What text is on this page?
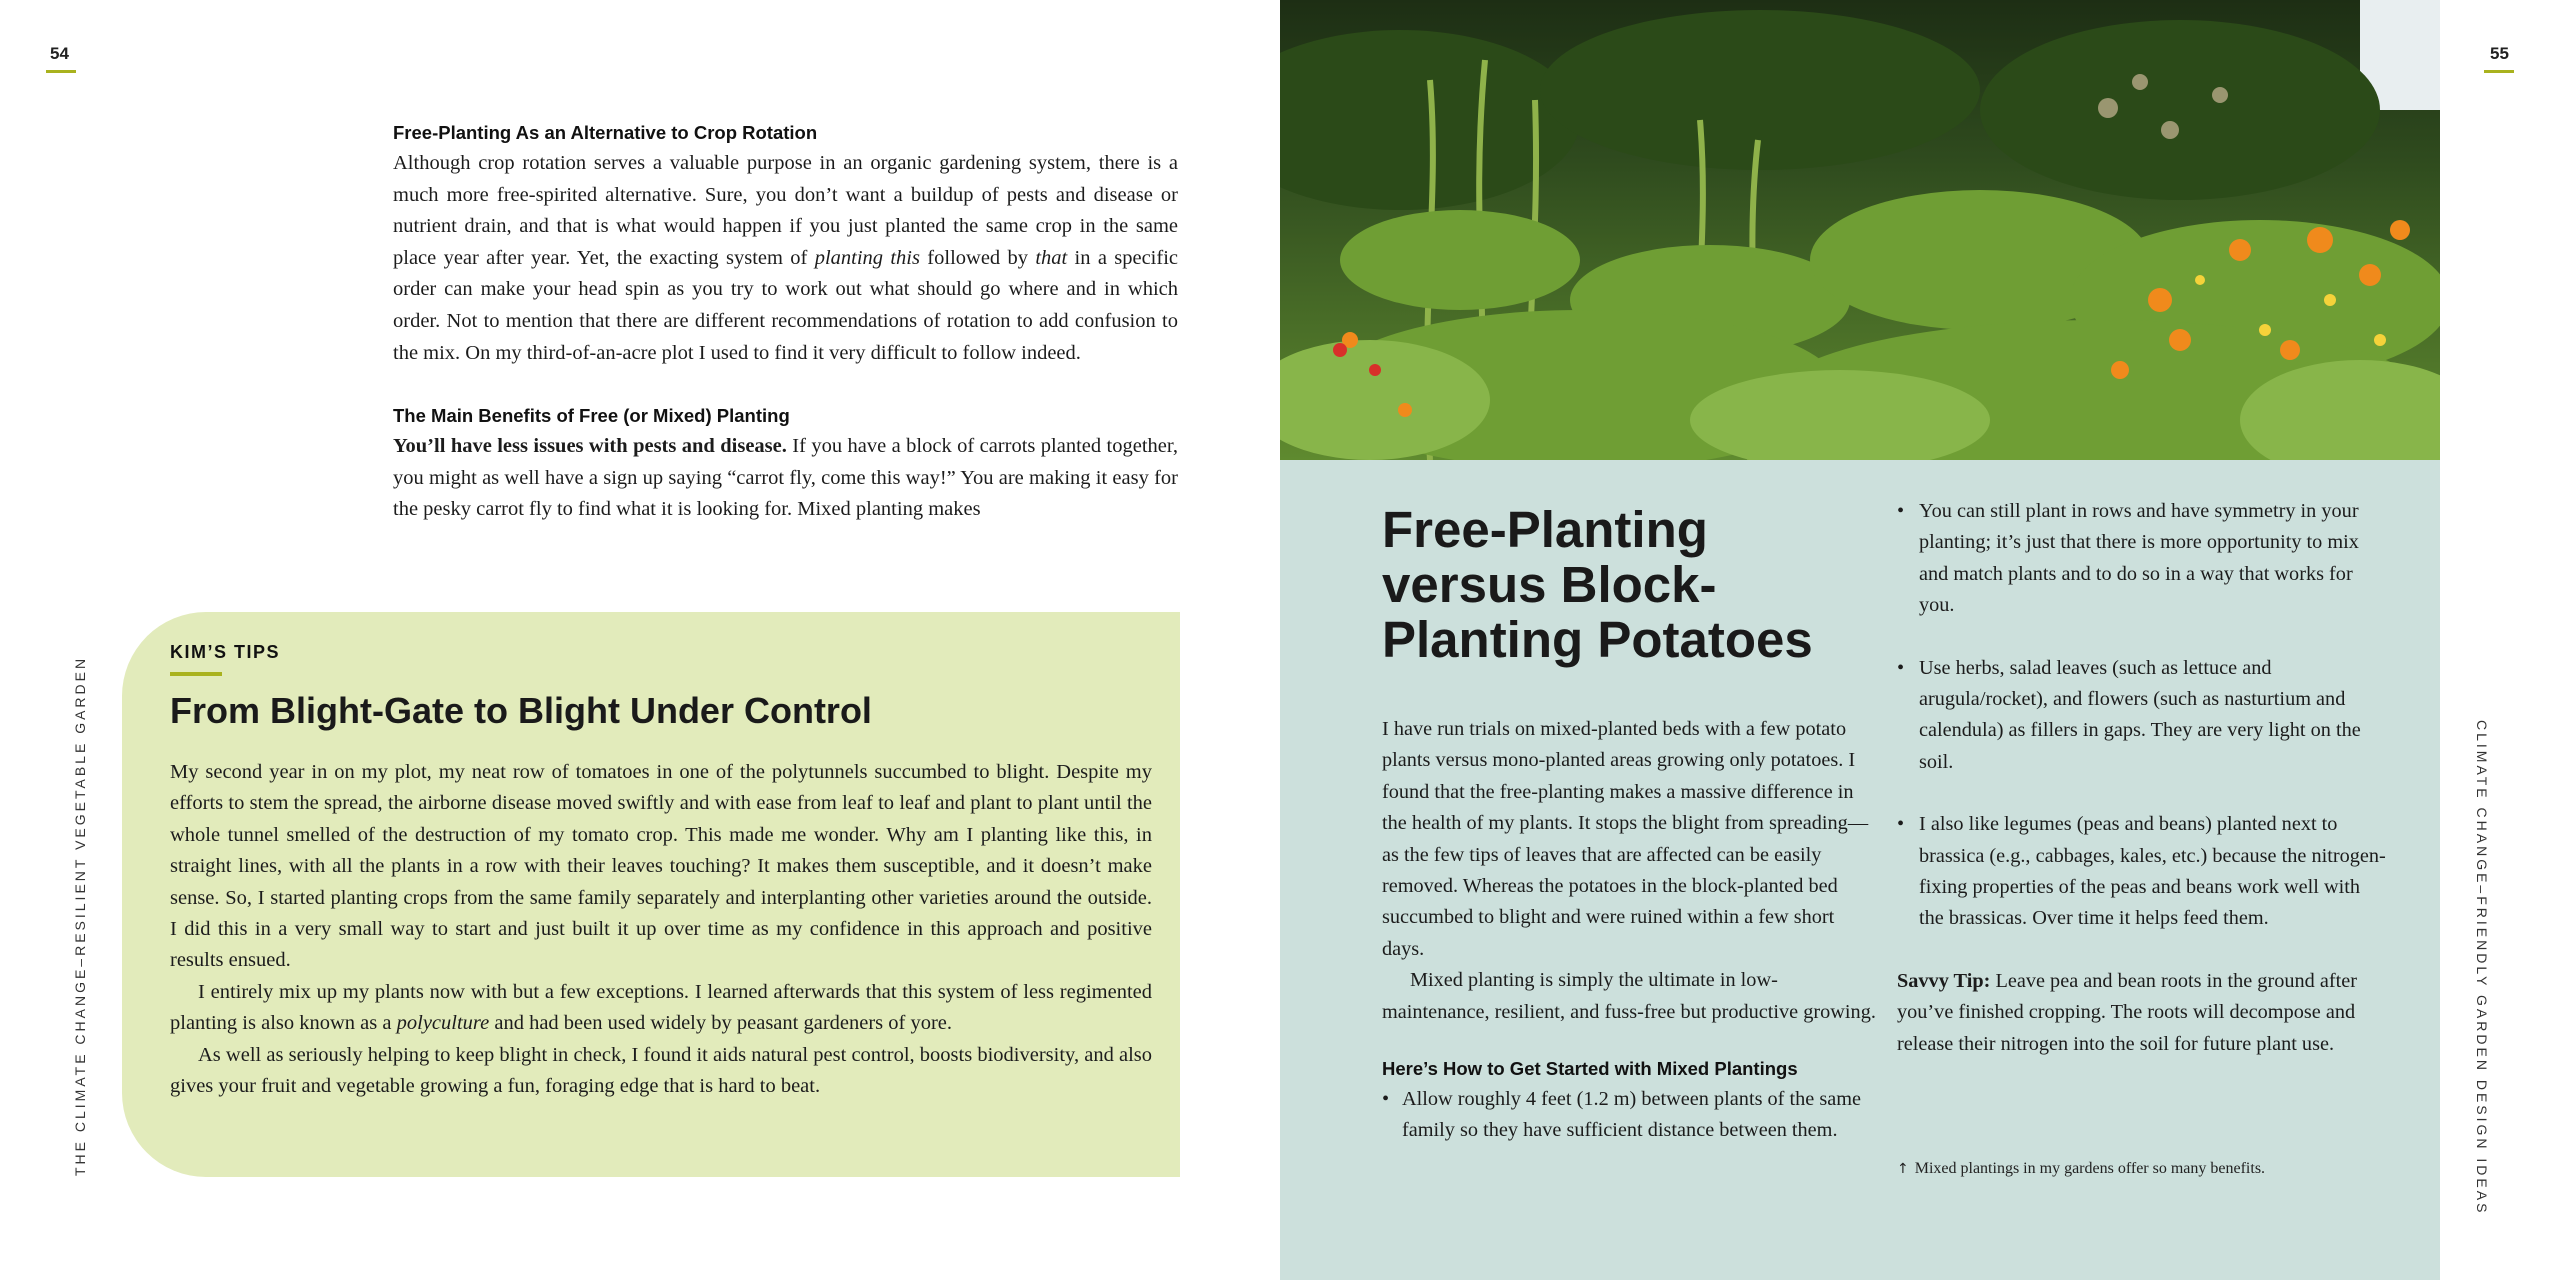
54
THE CLIMATE CHANGE–RESILIENT VEGETABLE GARDEN
Free-Planting As an Alternative to Crop Rotation

Although crop rotation serves a valuable purpose in an organic gardening system, there is a much more free-spirited alternative. Sure, you don’t want a buildup of pests and disease or nutrient drain, and that is what would happen if you just planted the same crop in the same place year after year. Yet, the exacting system of planting this followed by that in a specific order can make your head spin as you try to work out what should go where and in which order. Not to mention that there are different recommendations of rotation to add confusion to the mix. On my third-of-an-acre plot I used to find it very difficult to follow indeed.

The Main Benefits of Free (or Mixed) Planting

You’ll have less issues with pests and disease. If you have a block of carrots planted together, you might as well have a sign up saying “carrot fly, come this way!” You are making it easy for the pesky carrot fly to find what it is looking for. Mixed planting makes

KIM’S TIPS
From Blight-Gate to Blight Under Control

My second year in on my plot, my neat row of tomatoes in one of the polytunnels succumbed to blight. Despite my efforts to stem the spread, the airborne disease moved swiftly and with ease from leaf to leaf and plant to plant until the whole tunnel smelled of the destruction of my tomato crop. This made me wonder. Why am I planting like this, in straight lines, with all the plants in a row with their leaves touching? It makes them susceptible, and it doesn’t make sense. So, I started planting crops from the same family separately and interplanting other varieties around the outside. I did this in a very small way to start and just built it up over time as my confidence in this approach and positive results ensued.

I entirely mix up my plants now with but a few exceptions. I learned afterwards that this system of less regimented planting is also known as a polyculture and had been used widely by peasant gardeners of yore.

As well as seriously helping to keep blight in check, I found it aids natural pest control, boosts biodiversity, and also gives your fruit and vegetable growing a fun, foraging edge that is hard to beat.

55
CLIMATE CHANGE–FRIENDLY GARDEN DESIGN IDEAS
Free-Planting versus Block-Planting Potatoes

I have run trials on mixed-planted beds with a few potato plants versus mono-planted areas growing only potatoes. I found that the free-planting makes a massive difference in the health of my plants. It stops the blight from spreading—as the few tips of leaves that are affected can be easily removed. Whereas the potatoes in the block-planted bed succumbed to blight and were ruined within a few short days.

Mixed planting is simply the ultimate in low-maintenance, resilient, and fuss-free but productive growing.

Here’s How to Get Started with Mixed Plantings

• Allow roughly 4 feet (1.2 m) between plants of the same family so they have sufficient distance between them.

• You can still plant in rows and have symmetry in your planting; it’s just that there is more opportunity to mix and match plants and to do so in a way that works for you.

• Use herbs, salad leaves (such as lettuce and arugula/rocket), and flowers (such as nasturtium and calendula) as fillers in gaps. They are very light on the soil.

• I also like legumes (peas and beans) planted next to brassica (e.g., cabbages, kales, etc.) because the nitrogen-fixing properties of the peas and beans work well with the brassicas. Over time it helps feed them.

Savvy Tip: Leave pea and bean roots in the ground after you’ve finished cropping. The roots will decompose and release their nitrogen into the soil for future plant use.

↑ Mixed plantings in my gardens offer so many benefits.
